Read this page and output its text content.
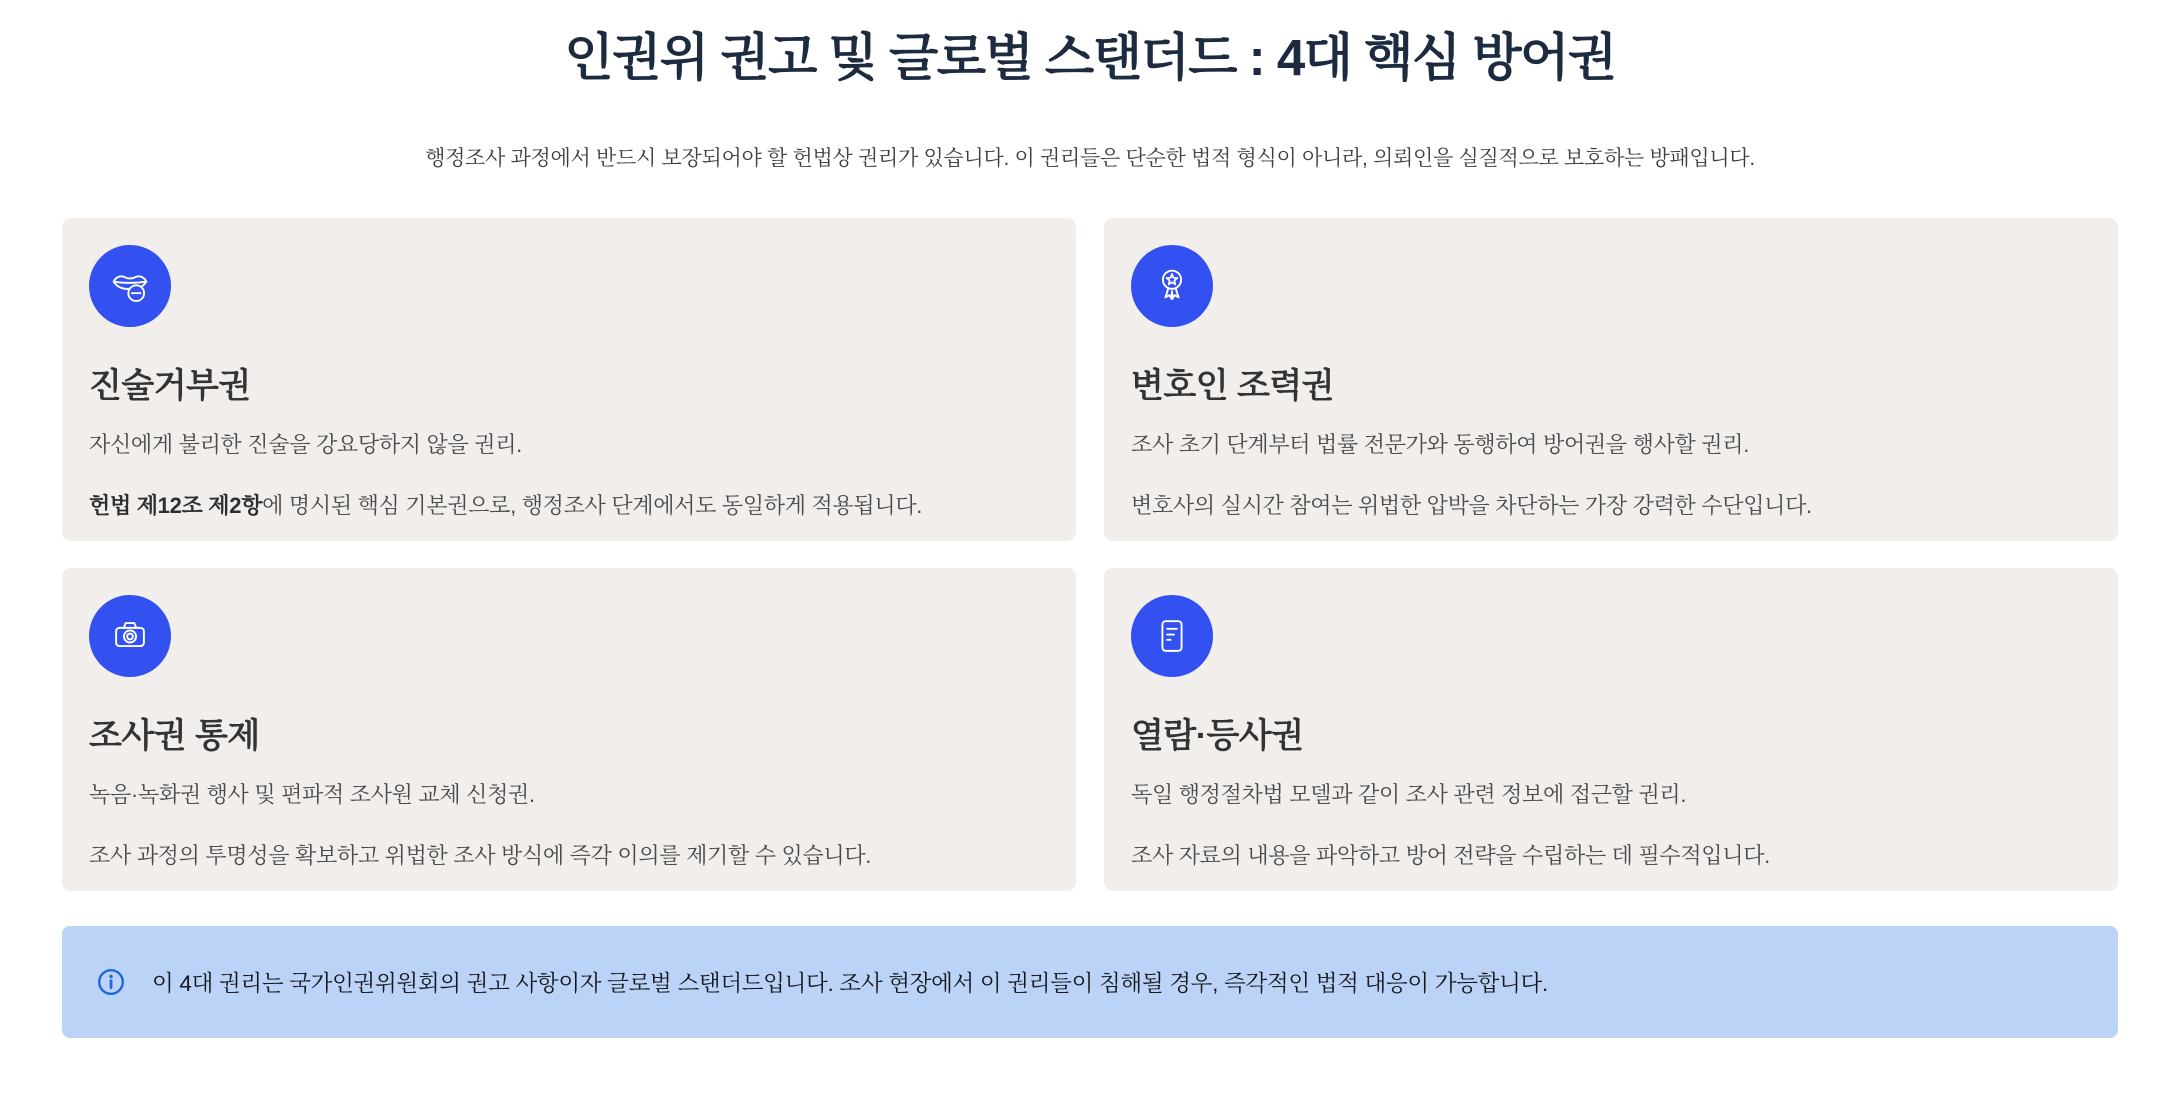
인권위 권고 및 글로벌 스탠더드 : 4대 핵심 방어권

행정조사 과정에서 반드시 보장되어야 할 헌법상 권리가 있습니다. 이 권리들은 단순한 법적 형식이 아니라, 의뢰인을 실질적으로 보호하는 방패입니다.

진술거부권

자신에게 불리한 진술을 강요당하지 않을 권리.

헌법 제12조 제2항에 명시된 핵심 기본권으로, 행정조사 단계에서도 동일하게 적용됩니다.

변호인 조력권

조사 초기 단계부터 법률 전문가와 동행하여 방어권을 행사할 권리.

변호사의 실시간 참여는 위법한 압박을 차단하는 가장 강력한 수단입니다.

조사권 통제

녹음·녹화권 행사 및 편파적 조사원 교체 신청권.

조사 과정의 투명성을 확보하고 위법한 조사 방식에 즉각 이의를 제기할 수 있습니다.

열람·등사권

독일 행정절차법 모델과 같이 조사 관련 정보에 접근할 권리.

조사 자료의 내용을 파악하고 방어 전략을 수립하는 데 필수적입니다.

이 4대 권리는 국가인권위원회의 권고 사항이자 글로벌 스탠더드입니다. 조사 현장에서 이 권리들이 침해될 경우, 즉각적인 법적 대응이 가능합니다.
